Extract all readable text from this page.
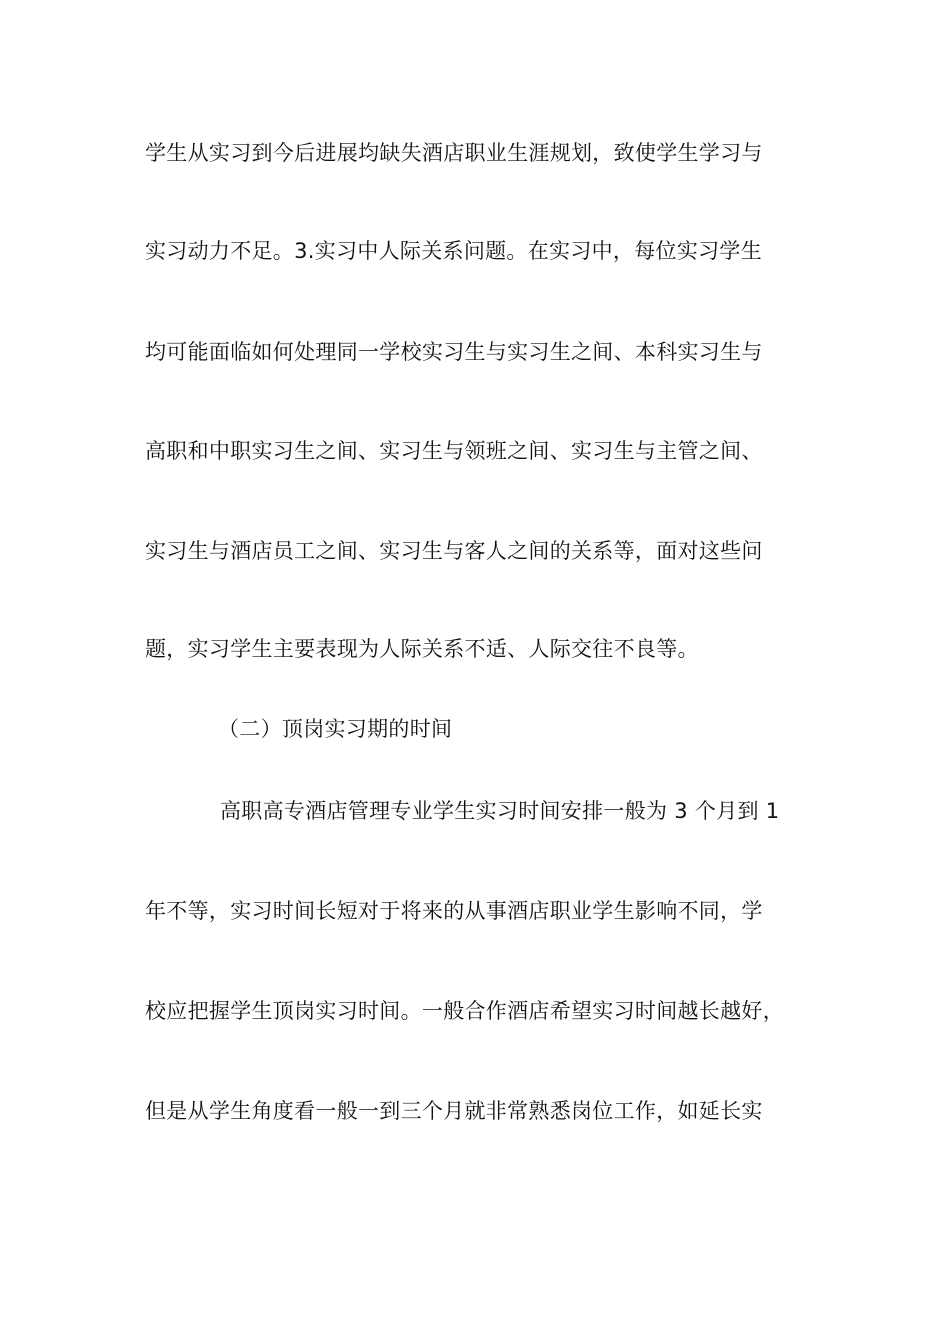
学生从实习到今后进展均缺失酒店职业生涯规划，致使学生学习与
实习动力不足。3.实习中人际关系问题。在实习中，每位实习学生
均可能面临如何处理同一学校实习生与实习生之间、本科实习生与
高职和中职实习生之间、实习生与领班之间、实习生与主管之间、
实习生与酒店员工之间、实习生与客人之间的关系等，面对这些问
题，实习学生主要表现为人际关系不适、人际交往不良等。
（二）顶岗实习期的时间
高职高专酒店管理专业学生实习时间安排一般为 3 个月到 1
年不等，实习时间长短对于将来的从事酒店职业学生影响不同，学
校应把握学生顶岗实习时间。一般合作酒店希望实习时间越长越好，
但是从学生角度看一般一到三个月就非常熟悉岗位工作，如延长实
